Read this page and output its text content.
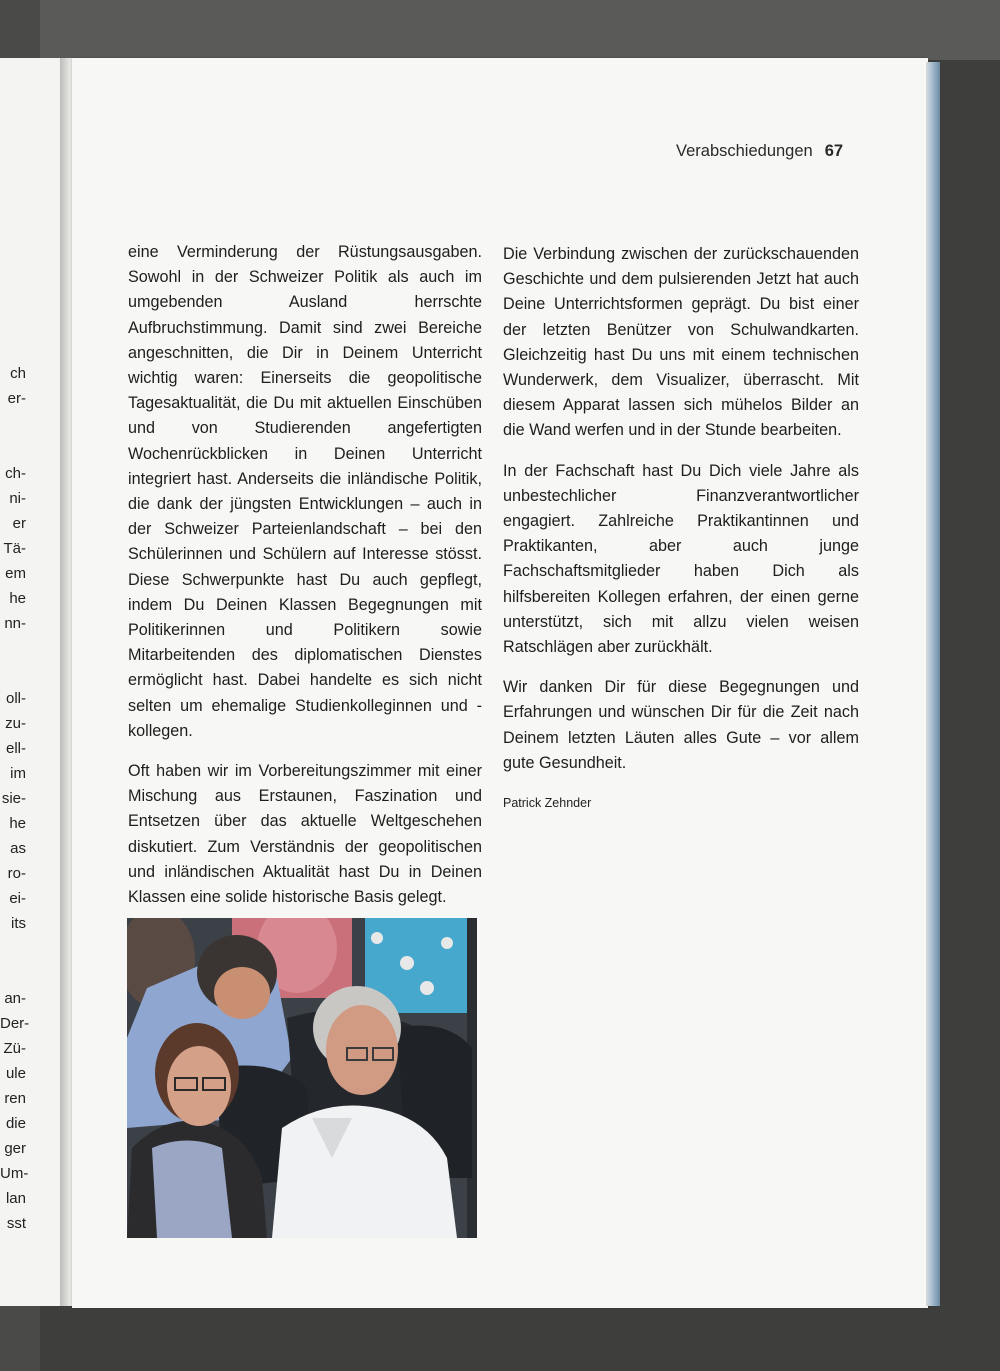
ch
er-
ch-
ni-
er
Tä-
em
he
nn-
oll-
zu-
ell-
im
sie-
he
as
ro-
ei-
its
an-
Der-
Zü-
ule
ren
die
ger
Um-
lan
sst
Verabschiedungen 67

eine Verminderung der Rüstungsausgaben. Sowohl in der Schweizer Politik als auch im umgebenden Ausland herrschte Aufbruchstimmung. Damit sind zwei Bereiche angeschnitten, die Dir in Deinem Unterricht wichtig waren: Einerseits die geopolitische Tagesaktualität, die Du mit aktuellen Einschüben und von Studierenden angefertigten Wochenrückblicken in Deinen Unterricht integriert hast. Anderseits die inländische Politik, die dank der jüngsten Entwicklungen – auch in der Schweizer Parteienlandschaft – bei den Schülerinnen und Schülern auf Interesse stösst. Diese Schwerpunkte hast Du auch gepflegt, indem Du Deinen Klassen Begegnungen mit Politikerinnen und Politikern sowie Mitarbeitenden des diplomatischen Dienstes ermöglicht hast. Dabei handelte es sich nicht selten um ehemalige Studienkolleginnen und -kollegen.

Oft haben wir im Vorbereitungszimmer mit einer Mischung aus Erstaunen, Faszination und Entsetzen über das aktuelle Weltgeschehen diskutiert. Zum Verständnis der geopolitischen und inländischen Aktualität hast Du in Deinen Klassen eine solide historische Basis gelegt.

Die Verbindung zwischen der zurückschauenden Geschichte und dem pulsierenden Jetzt hat auch Deine Unterrichtsformen geprägt. Du bist einer der letzten Benützer von Schulwandkarten. Gleichzeitig hast Du uns mit einem technischen Wunderwerk, dem Visualizer, überrascht. Mit diesem Apparat lassen sich mühelos Bilder an die Wand werfen und in der Stunde bearbeiten.

In der Fachschaft hast Du Dich viele Jahre als unbestechlicher Finanzverantwortlicher engagiert. Zahlreiche Praktikantinnen und Praktikanten, aber auch junge Fachschaftsmitglieder haben Dich als hilfsbereiten Kollegen erfahren, der einen gerne unterstützt, sich mit allzu vielen weisen Ratschlägen aber zurückhält.

Wir danken Dir für diese Begegnungen und Erfahrungen und wünschen Dir für die Zeit nach Deinem letzten Läuten alles Gute – vor allem gute Gesundheit.

Patrick Zehnder
